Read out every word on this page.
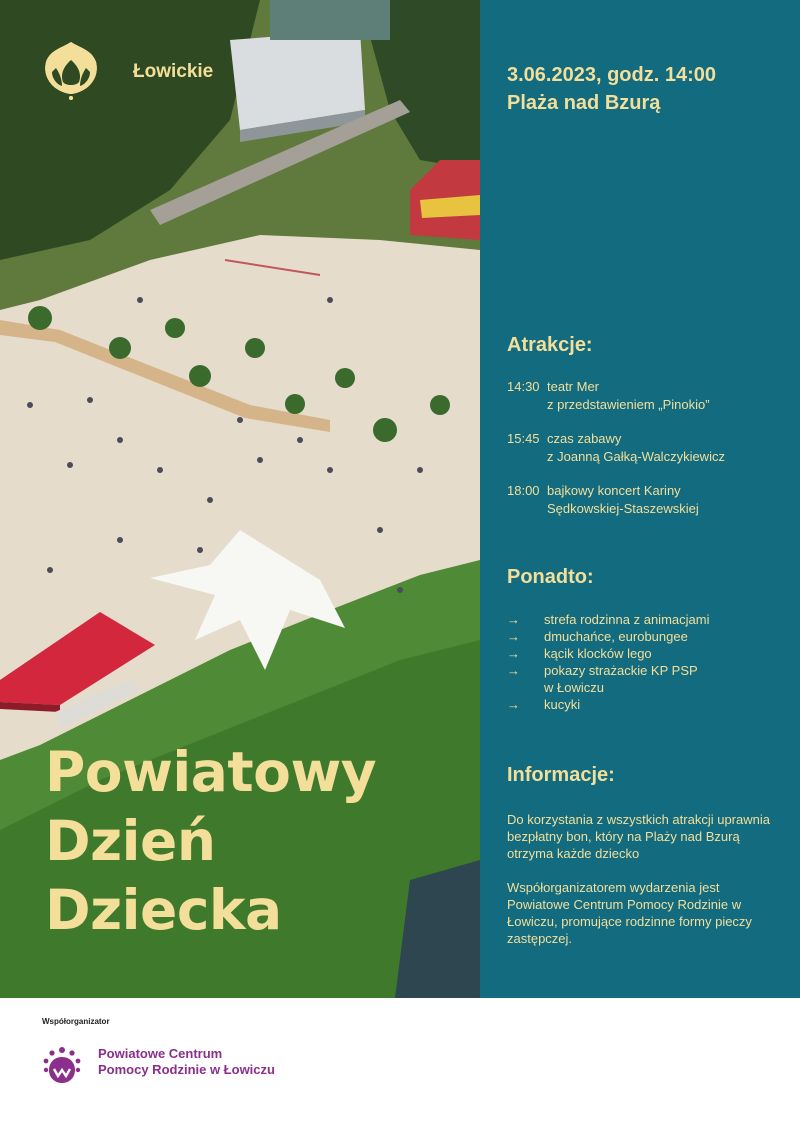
Łowickie
Powiatowy
Dzień
Dziecka
3.06.2023, godz. 14:00
Plaża nad Bzurą
Atrakcje:
14:30 teatr Mer
z przedstawieniem „Pinokio”
15:45 czas zabawy
z Joanną Gałką-Walczykiewicz
18:00 bajkowy koncert Kariny
Sędkowskiej-Staszewskiej
Ponadto:
→	strefa rodzinna z animacjami
→	dmuchańce, eurobungee
→	kącik klocków lego
→	pokazy strażackie KP PSP
w Łowiczu
→	kucyki
Informacje:

Do korzystania z wszystkich atrakcji uprawnia bezpłatny bon, który na Plaży nad Bzurą otrzyma każde dziecko

Współorganizatorem wydarzenia jest Powiatowe Centrum Pomocy Rodzinie w Łowiczu, promujące rodzinne formy pieczy zastępczej.

Współorganizator
Powiatowe Centrum
Pomocy Rodzinie w Łowiczu
